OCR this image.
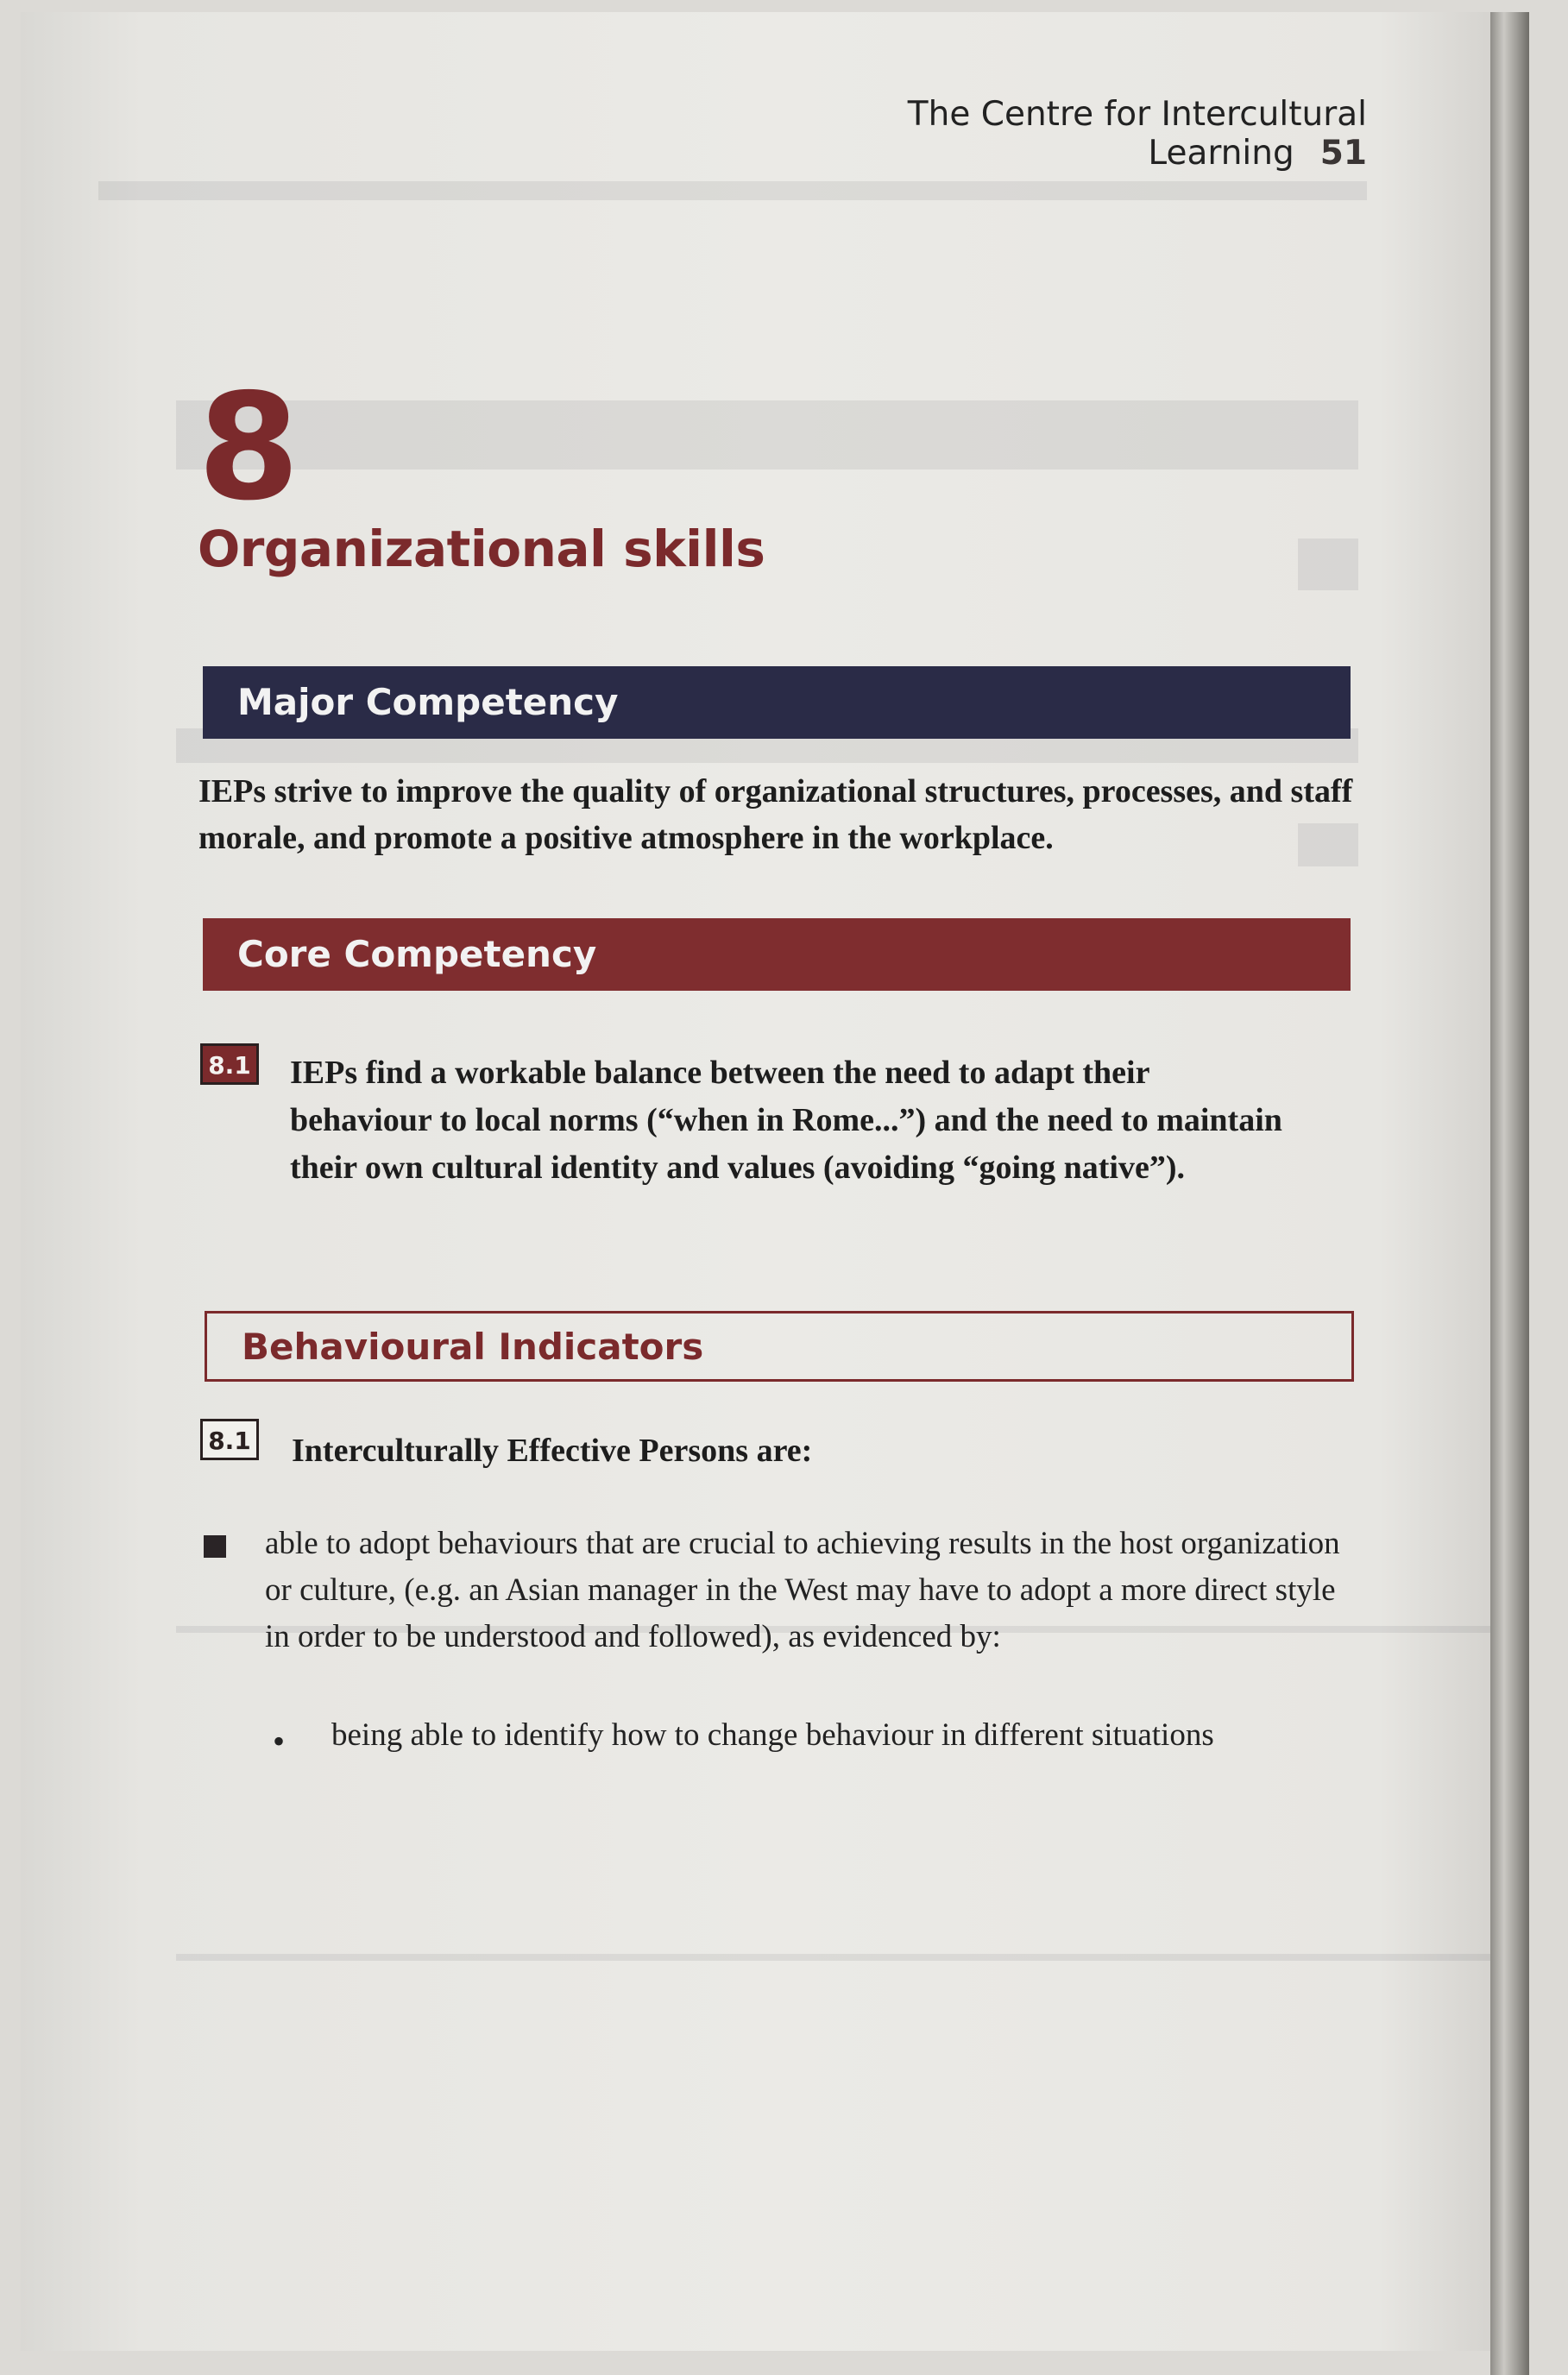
The Centre for Intercultural Learning 51
8
Organizational skills
Major Competency
IEPs strive to improve the quality of organizational structures, processes, and staff morale, and promote a positive atmosphere in the workplace.
Core Competency
8.1 IEPs find a workable balance between the need to adapt their behaviour to local norms (“when in Rome...”) and the need to maintain their own cultural identity and values (avoiding “going native”).
Behavioural Indicators
8.1 Interculturally Effective Persons are:
able to adopt behaviours that are crucial to achieving results in the host organization or culture, (e.g. an Asian manager in the West may have to adopt a more direct style in order to be understood and followed), as evidenced by:
• being able to identify how to change behaviour in different situations
